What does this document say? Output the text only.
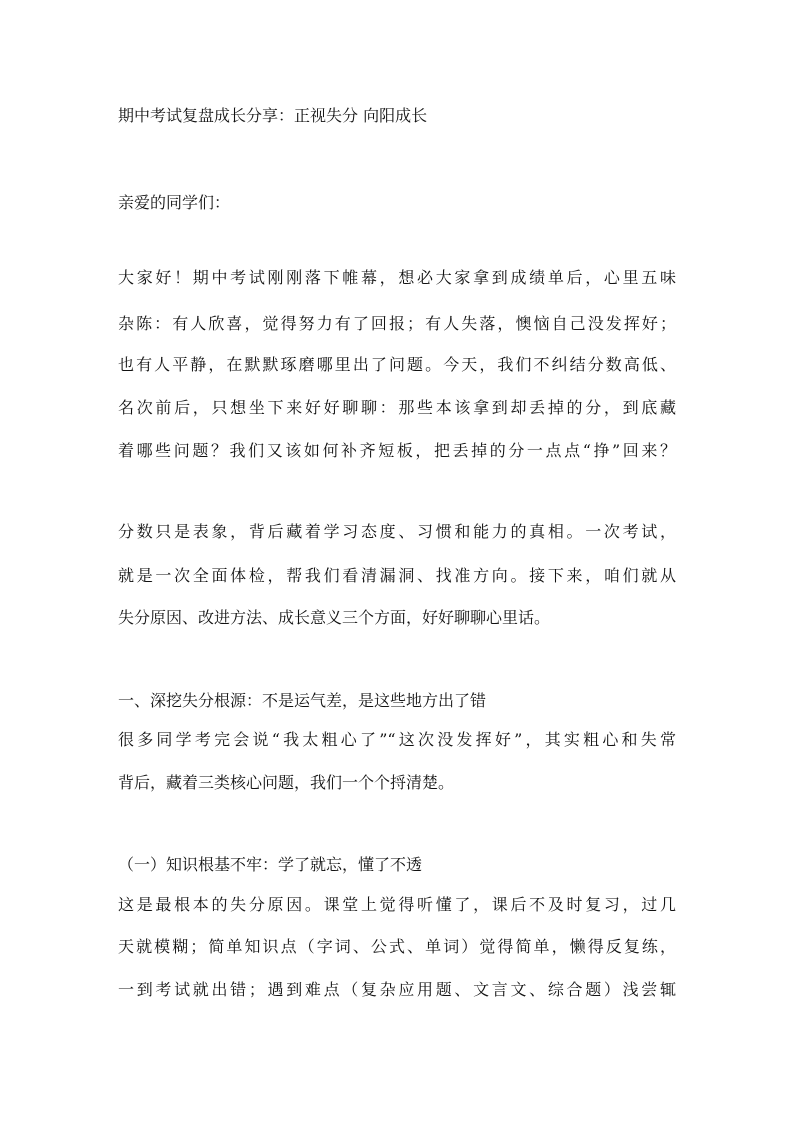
期中考试复盘成长分享：正视失分 向阳成长
亲爱的同学们：
大家好！期中考试刚刚落下帷幕，想必大家拿到成绩单后，心里五味
杂陈：有人欣喜，觉得努力有了回报；有人失落，懊恼自己没发挥好；
也有人平静，在默默琢磨哪里出了问题。今天，我们不纠结分数高低、
名次前后，只想坐下来好好聊聊：那些本该拿到却丢掉的分，到底藏
着哪些问题？我们又该如何补齐短板，把丢掉的分一点点“挣”回来？
分数只是表象，背后藏着学习态度、习惯和能力的真相。一次考试，
就是一次全面体检，帮我们看清漏洞、找准方向。接下来，咱们就从
失分原因、改进方法、成长意义三个方面，好好聊聊心里话。
一、深挖失分根源：不是运气差，是这些地方出了错
很多同学考完会说“我太粗心了”“这次没发挥好”，其实粗心和失常
背后，藏着三类核心问题，我们一个个捋清楚。
（一）知识根基不牢：学了就忘，懂了不透
这是最根本的失分原因。课堂上觉得听懂了，课后不及时复习，过几
天就模糊；简单知识点（字词、公式、单词）觉得简单，懒得反复练，
一到考试就出错；遇到难点（复杂应用题、文言文、综合题）浅尝辄
